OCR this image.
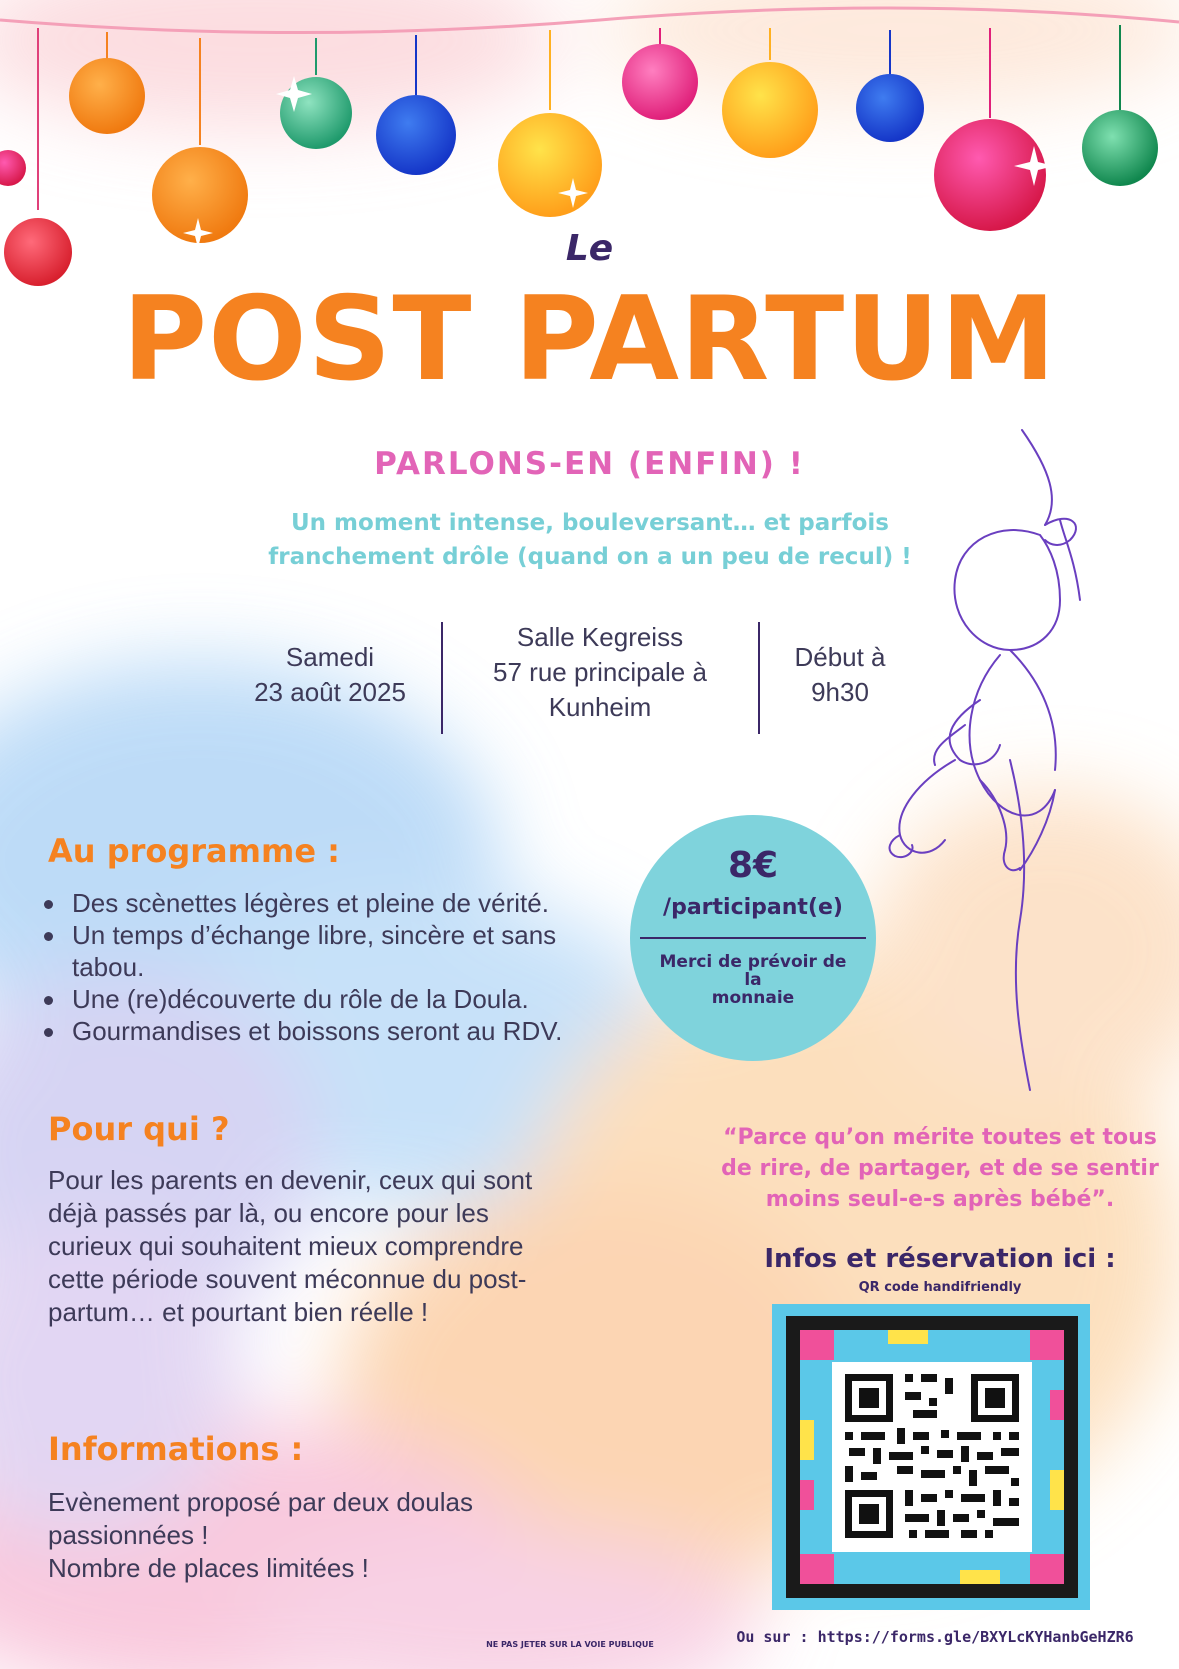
Le
POST PARTUM
PARLONS-EN (ENFIN) !
Un moment intense, bouleversant… et parfois
franchement drôle (quand on a un peu de recul) !
Samedi
23 août 2025
Salle Kegreiss
57 rue principale à
Kunheim
Début à
9h30
Au programme :
Des scènettes légères et pleine de vérité.
Un temps d’échange libre, sincère et sans
tabou.
Une (re)découverte du rôle de la Doula.
Gourmandises et boissons seront au RDV.
8€
/participant(e)
Merci de prévoir de la
monnaie
Pour qui ?
Pour les parents en devenir, ceux qui sont
déjà passés par là, ou encore pour les
curieux qui souhaitent mieux comprendre
cette période souvent méconnue du post-
partum… et pourtant bien réelle !
Informations :
Evènement proposé par deux doulas
passionnées !
Nombre de places limitées !
“Parce qu’on mérite toutes et tous
de rire, de partager, et de se sentir
moins seul-e-s après bébé”.
Infos et réservation ici :
QR code handifriendly
Ou sur : https://forms.gle/BXYLcKYHanbGeHZR6
NE PAS JETER SUR LA VOIE PUBLIQUE
